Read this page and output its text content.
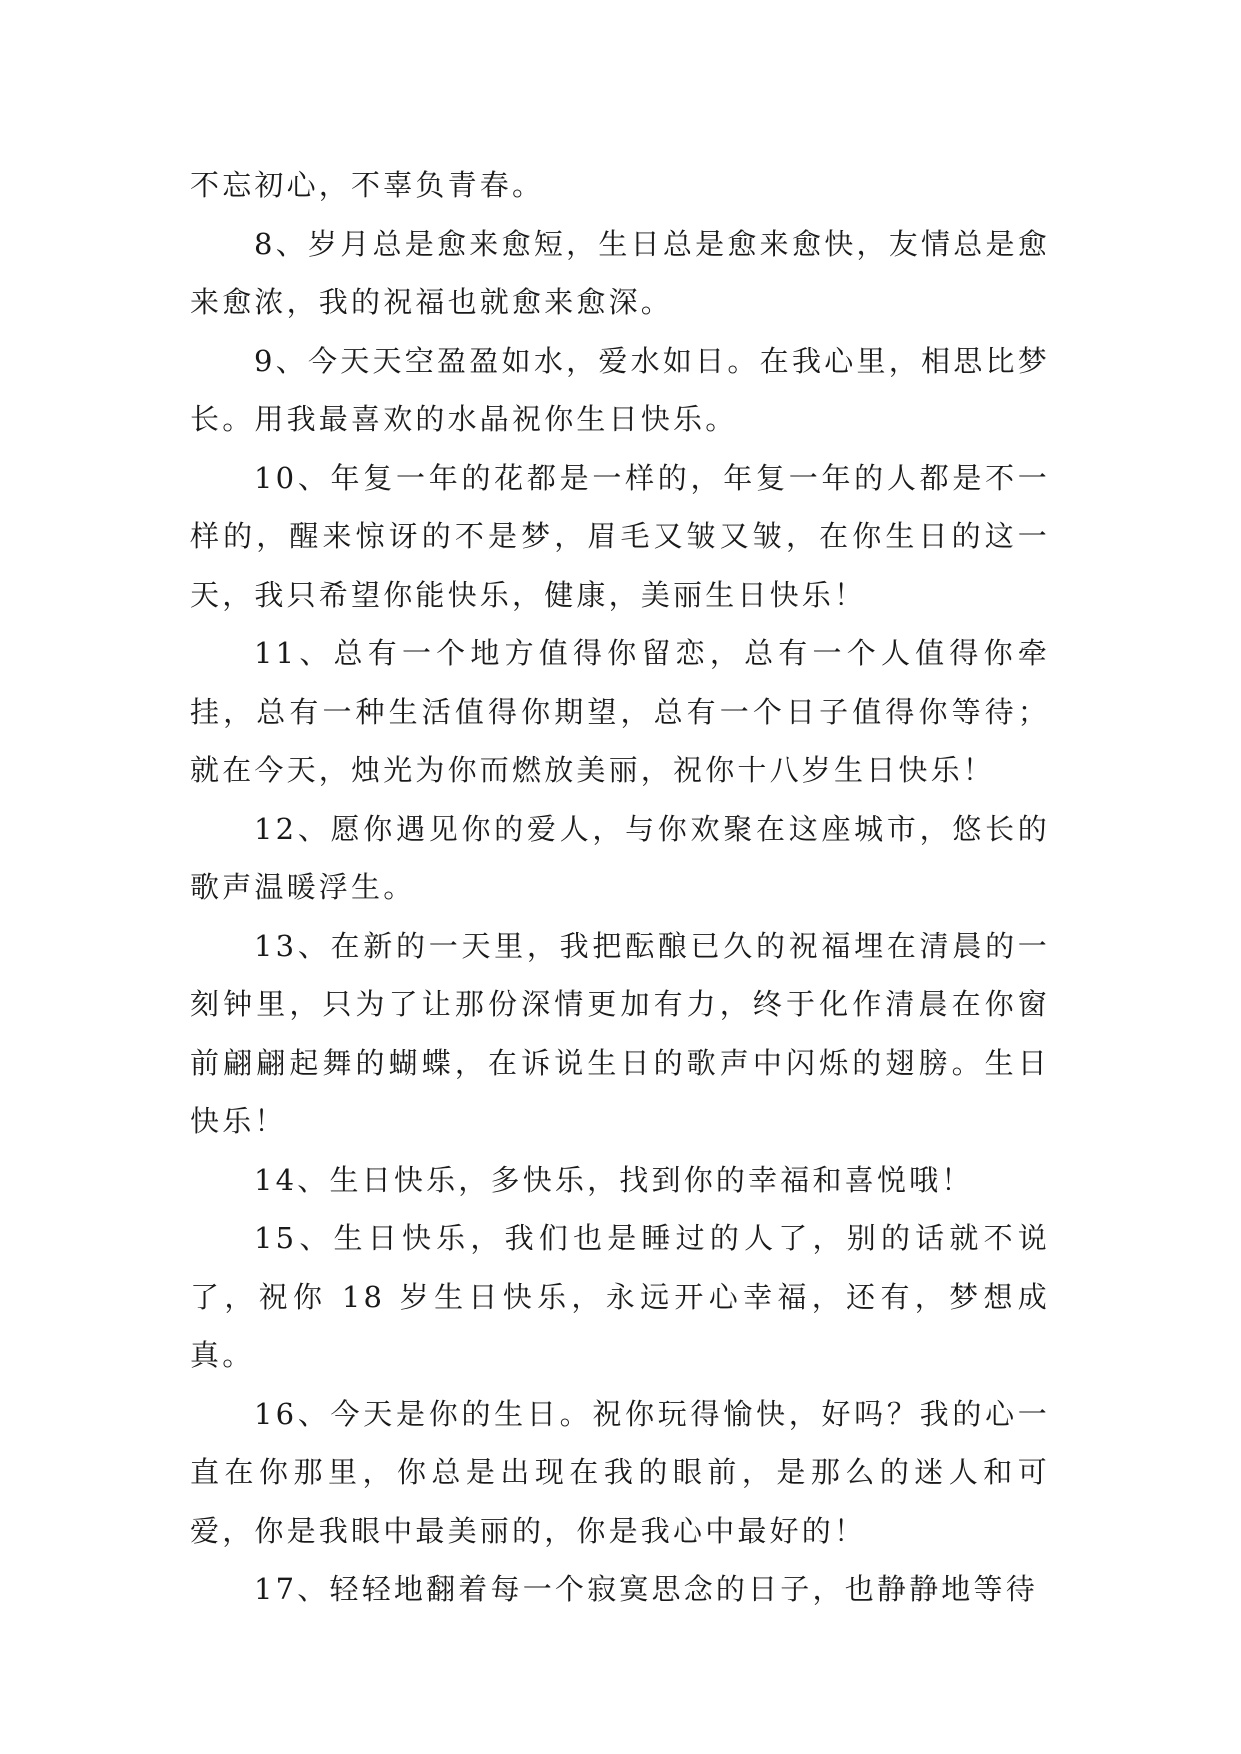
不忘初心，不辜负青春。

8、岁月总是愈来愈短，生日总是愈来愈快，友情总是愈来愈浓，我的祝福也就愈来愈深。

9、今天天空盈盈如水，爱水如日。在我心里，相思比梦长。用我最喜欢的水晶祝你生日快乐。

10、年复一年的花都是一样的，年复一年的人都是不一样的，醒来惊讶的不是梦，眉毛又皱又皱，在你生日的这一天，我只希望你能快乐，健康，美丽生日快乐！

11、总有一个地方值得你留恋，总有一个人值得你牵挂，总有一种生活值得你期望，总有一个日子值得你等待；就在今天，烛光为你而燃放美丽，祝你十八岁生日快乐！

12、愿你遇见你的爱人，与你欢聚在这座城市，悠长的歌声温暖浮生。

13、在新的一天里，我把酝酿已久的祝福埋在清晨的一刻钟里，只为了让那份深情更加有力，终于化作清晨在你窗前翩翩起舞的蝴蝶，在诉说生日的歌声中闪烁的翅膀。生日快乐！

14、生日快乐，多快乐，找到你的幸福和喜悦哦！

15、生日快乐，我们也是睡过的人了，别的话就不说了，祝你 18 岁生日快乐，永远开心幸福，还有，梦想成真。

16、今天是你的生日。祝你玩得愉快，好吗？我的心一直在你那里，你总是出现在我的眼前，是那么的迷人和可爱，你是我眼中最美丽的，你是我心中最好的！

17、轻轻地翻着每一个寂寞思念的日子，也静静地等待
